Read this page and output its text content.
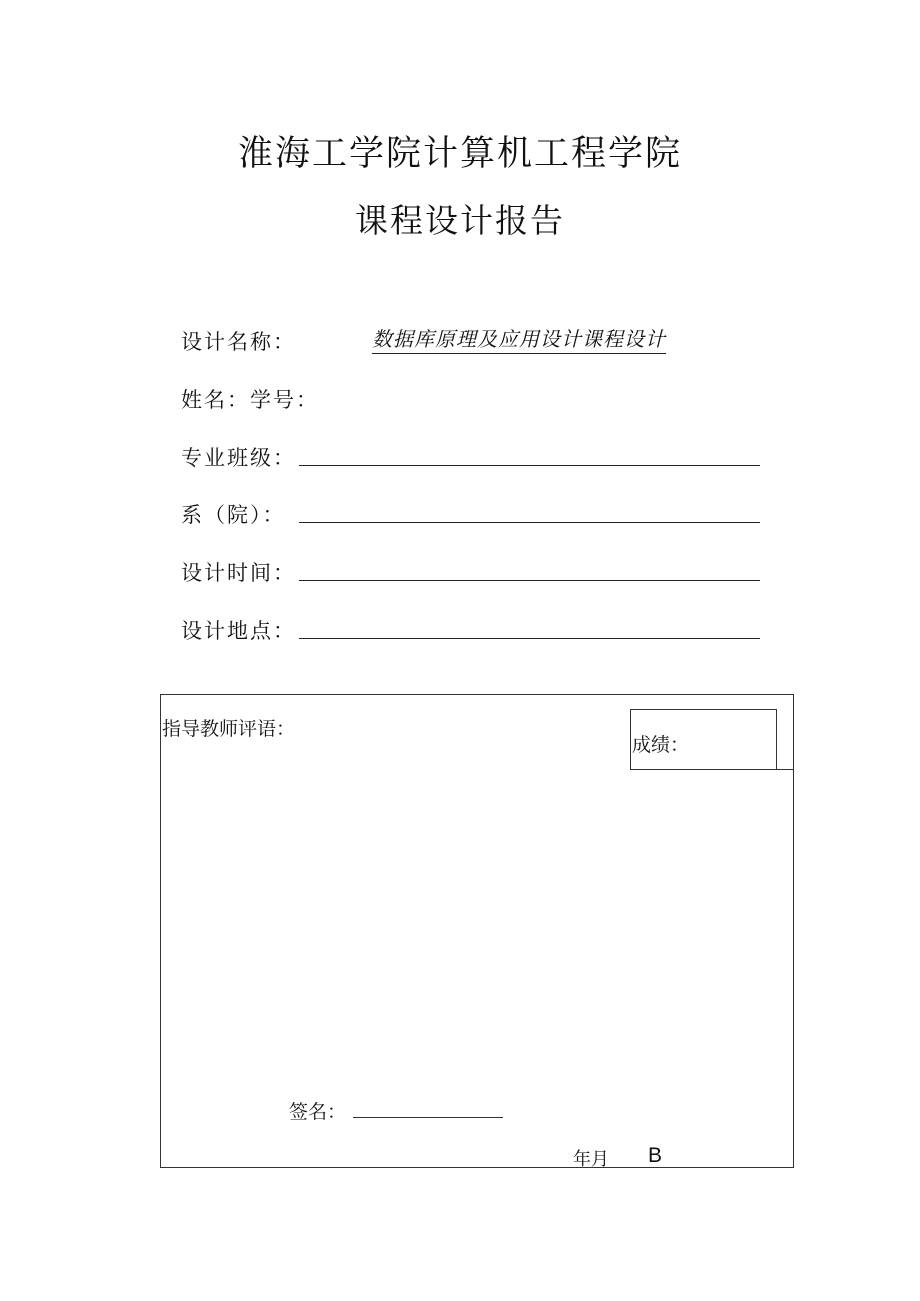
淮海工学院计算机工程学院
课程设计报告
设计名称：	数据库原理及应用设计课程设计
姓名：学号：
专业班级：
系（院）：
设计时间：
设计地点：
指导教师评语：
成绩：
签名：
年月 B
